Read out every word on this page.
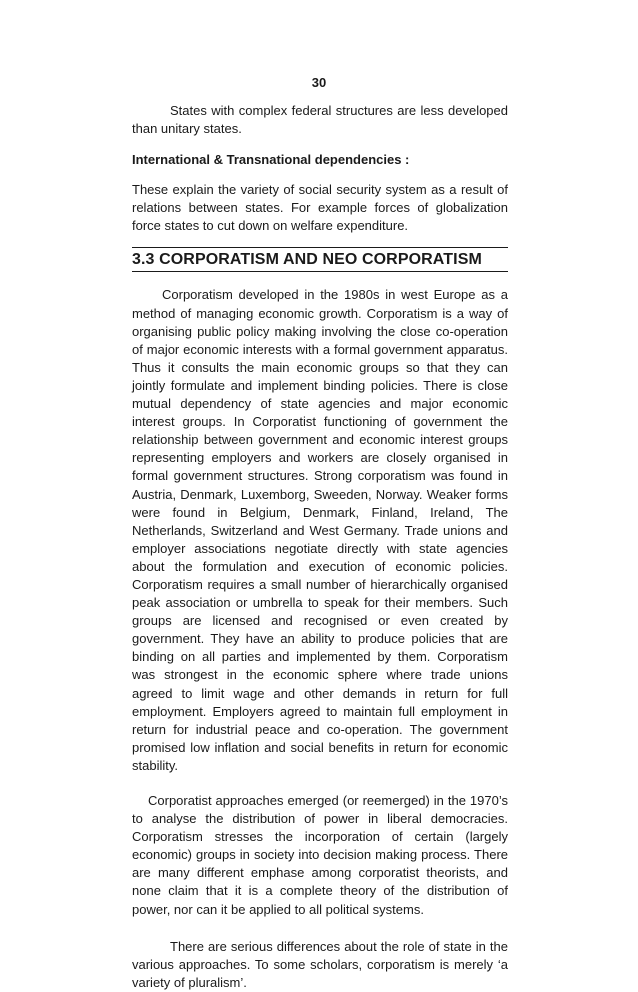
30

States with complex federal structures are less developed than unitary states.

International & Transnational dependencies :

These explain the variety of social security system as a result of relations between states. For example forces of globalization force states to cut down on welfare expenditure.

3.3 CORPORATISM AND NEO CORPORATISM

Corporatism developed in the 1980s in west Europe as a method of managing economic growth. Corporatism is a way of organising public policy making involving the close co-operation of major economic interests with a formal government apparatus. Thus it consults the main economic groups so that they can jointly formulate and implement binding policies. There is close mutual dependency of state agencies and major economic interest groups. In Corporatist functioning of government the relationship between government and economic interest groups representing employers and workers are closely organised in formal government structures. Strong corporatism was found in Austria, Denmark, Luxemborg, Sweeden, Norway. Weaker forms were found in Belgium, Denmark, Finland, Ireland, The Netherlands, Switzerland and West Germany. Trade unions and employer associations negotiate directly with state agencies about the formulation and execution of economic policies. Corporatism requires a small number of hierarchically organised peak association or umbrella to speak for their members. Such groups are licensed and recognised or even created by government. They have an ability to produce policies that are binding on all parties and implemented by them. Corporatism was strongest in the economic sphere where trade unions agreed to limit wage and other demands in return for full employment. Employers agreed to maintain full employment in return for industrial peace and co-operation. The government promised low inflation and social benefits in return for economic stability.

Corporatist approaches emerged (or reemerged) in the 1970’s to analyse the distribution of power in liberal democracies. Corporatism stresses the incorporation of certain (largely economic) groups in society into decision making process. There are many different emphase among corporatist theorists, and none claim that it is a complete theory of the distribution of power, nor can it be applied to all political systems.

There are serious differences about the role of state in the various approaches. To some scholars, corporatism is merely ‘a variety of pluralism’.
